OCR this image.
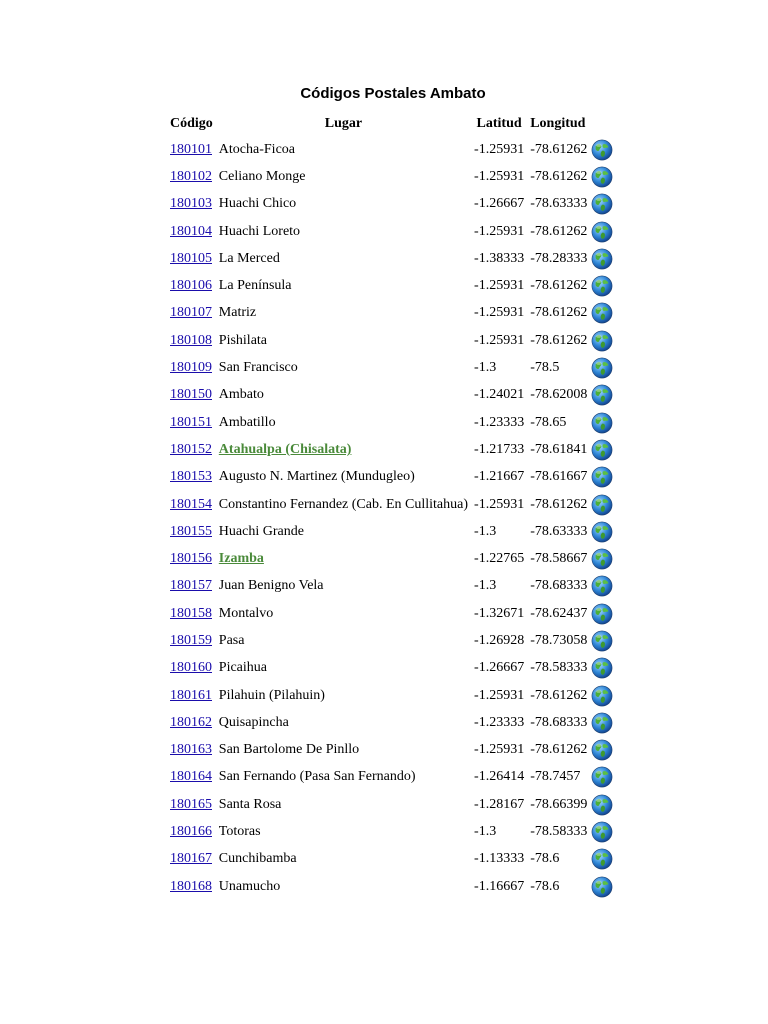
Códigos Postales Ambato
Código	Lugar	Latitud	Longitud	
180101	Atocha-Ficoa	-1.25931	-78.61262	
180102	Celiano Monge	-1.25931	-78.61262	
180103	Huachi Chico	-1.26667	-78.63333	
180104	Huachi Loreto	-1.25931	-78.61262	
180105	La Merced	-1.38333	-78.28333	
180106	La Península	-1.25931	-78.61262	
180107	Matriz	-1.25931	-78.61262	
180108	Pishilata	-1.25931	-78.61262	
180109	San Francisco	-1.3	-78.5	
180150	Ambato	-1.24021	-78.62008	
180151	Ambatillo	-1.23333	-78.65	
180152	Atahualpa (Chisalata)	-1.21733	-78.61841	
180153	Augusto N. Martinez (Mundugleo)	-1.21667	-78.61667	
180154	Constantino Fernandez (Cab. En Cullitahua)	-1.25931	-78.61262	
180155	Huachi Grande	-1.3	-78.63333	
180156	Izamba	-1.22765	-78.58667	
180157	Juan Benigno Vela	-1.3	-78.68333	
180158	Montalvo	-1.32671	-78.62437	
180159	Pasa	-1.26928	-78.73058	
180160	Picaihua	-1.26667	-78.58333	
180161	Pilahuin (Pilahuin)	-1.25931	-78.61262	
180162	Quisapincha	-1.23333	-78.68333	
180163	San Bartolome De Pinllo	-1.25931	-78.61262	
180164	San Fernando (Pasa San Fernando)	-1.26414	-78.7457	
180165	Santa Rosa	-1.28167	-78.66399	
180166	Totoras	-1.3	-78.58333	
180167	Cunchibamba	-1.13333	-78.6	
180168	Unamucho	-1.16667	-78.6	
